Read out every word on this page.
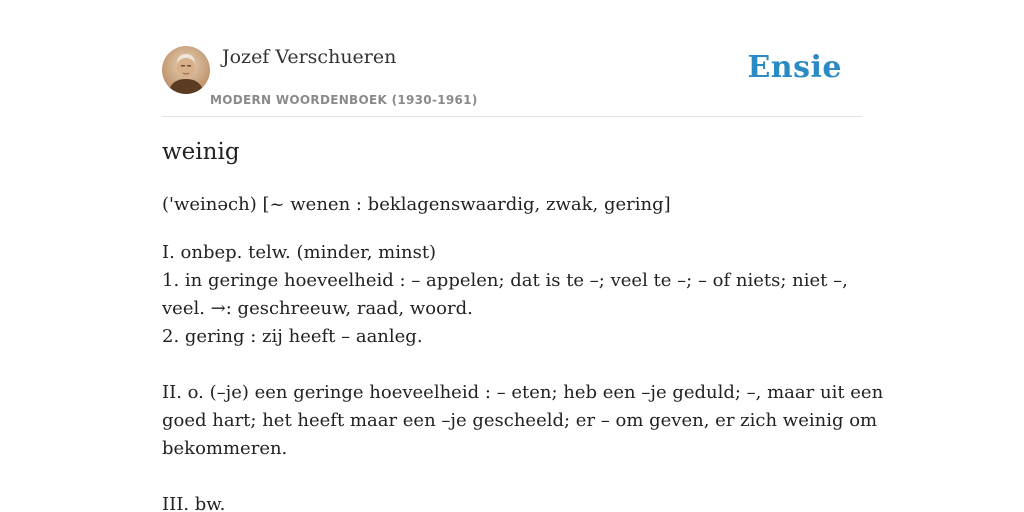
Jozef Verschueren
MODERN WOORDENBOEK (1930-1961)
Ensie
weinig
('weinəch) [~ wenen : beklagenswaardig, zwak, gering]
I. onbep. telw. (minder, minst)
1. in geringe hoeveelheid : – appelen; dat is te –; veel te –; – of niets; niet –,
veel. →: geschreeuw, raad, woord.
2. gering : zij heeft – aanleg.
II. o. (–je) een geringe hoeveelheid : – eten; heb een –je geduld; –, maar uit een
goed hart; het heeft maar een –je gescheeld; er – om geven, er zich weinig om
bekommeren.
III. bw.
